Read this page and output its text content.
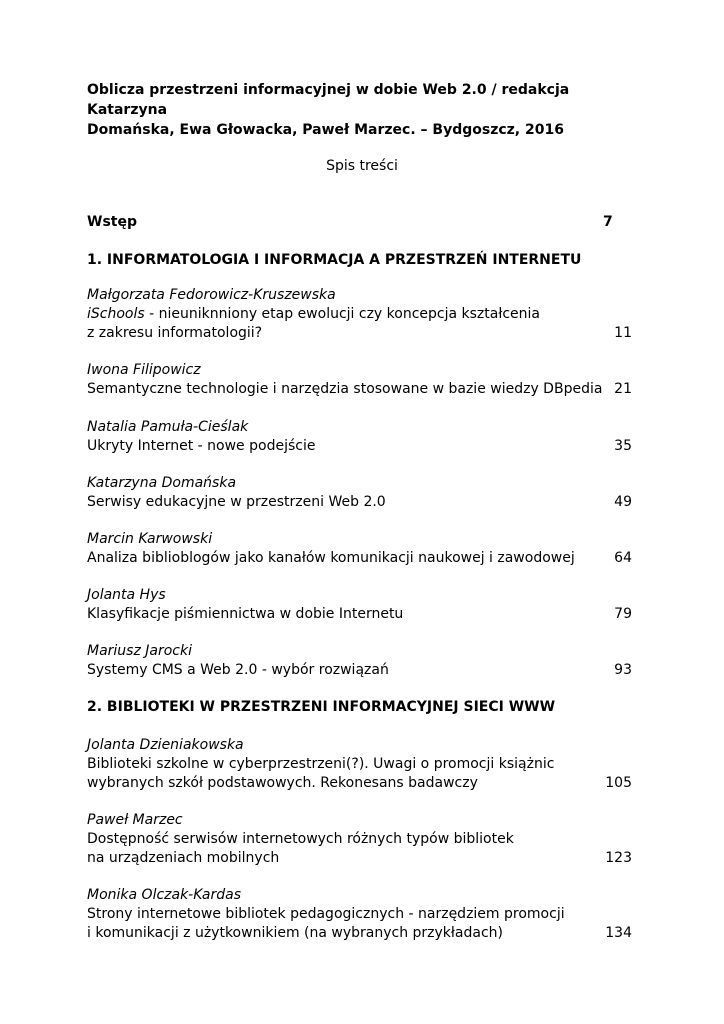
Oblicza przestrzeni informacyjnej w dobie Web 2.0 / redakcja Katarzyna
Domańska, Ewa Głowacka, Paweł Marzec. – Bydgoszcz, 2016
Spis treści
Wstęp	7
1. INFORMATOLOGIA I INFORMACJA A PRZESTRZEŃ INTERNETU
Małgorzata Fedorowicz-Kruszewska
iSchools - nieuniknniony etap ewolucji czy koncepcja kształcenia
z zakresu informatologii?	11
Iwona Filipowicz
Semantyczne technologie i narzędzia stosowane w bazie wiedzy DBpedia 21
Natalia Pamuła-Cieślak
Ukryty Internet - nowe podejście	35
Katarzyna Domańska
Serwisy edukacyjne w przestrzeni Web 2.0	49
Marcin Karwowski
Analiza biblioblogów jako kanałów komunikacji naukowej i zawodowej	64
Jolanta Hys
Klasyfikacje piśmiennictwa w dobie Internetu	79
Mariusz Jarocki
Systemy CMS a Web 2.0 - wybór rozwiązań	93
2. BIBLIOTEKI W PRZESTRZENI INFORMACYJNEJ SIECI WWW
Jolanta Dzieniakowska
Biblioteki szkolne w cyberprzestrzeni(?). Uwagi o promocji książnic
wybranych szkół podstawowych. Rekonesans badawczy	105
Paweł Marzec
Dostępność serwisów internetowych różnych typów bibliotek
na urządzeniach mobilnych	123
Monika Olczak-Kardas
Strony internetowe bibliotek pedagogicznych - narzędziem promocji
i komunikacji z użytkownikiem (na wybranych przykładach)	134
